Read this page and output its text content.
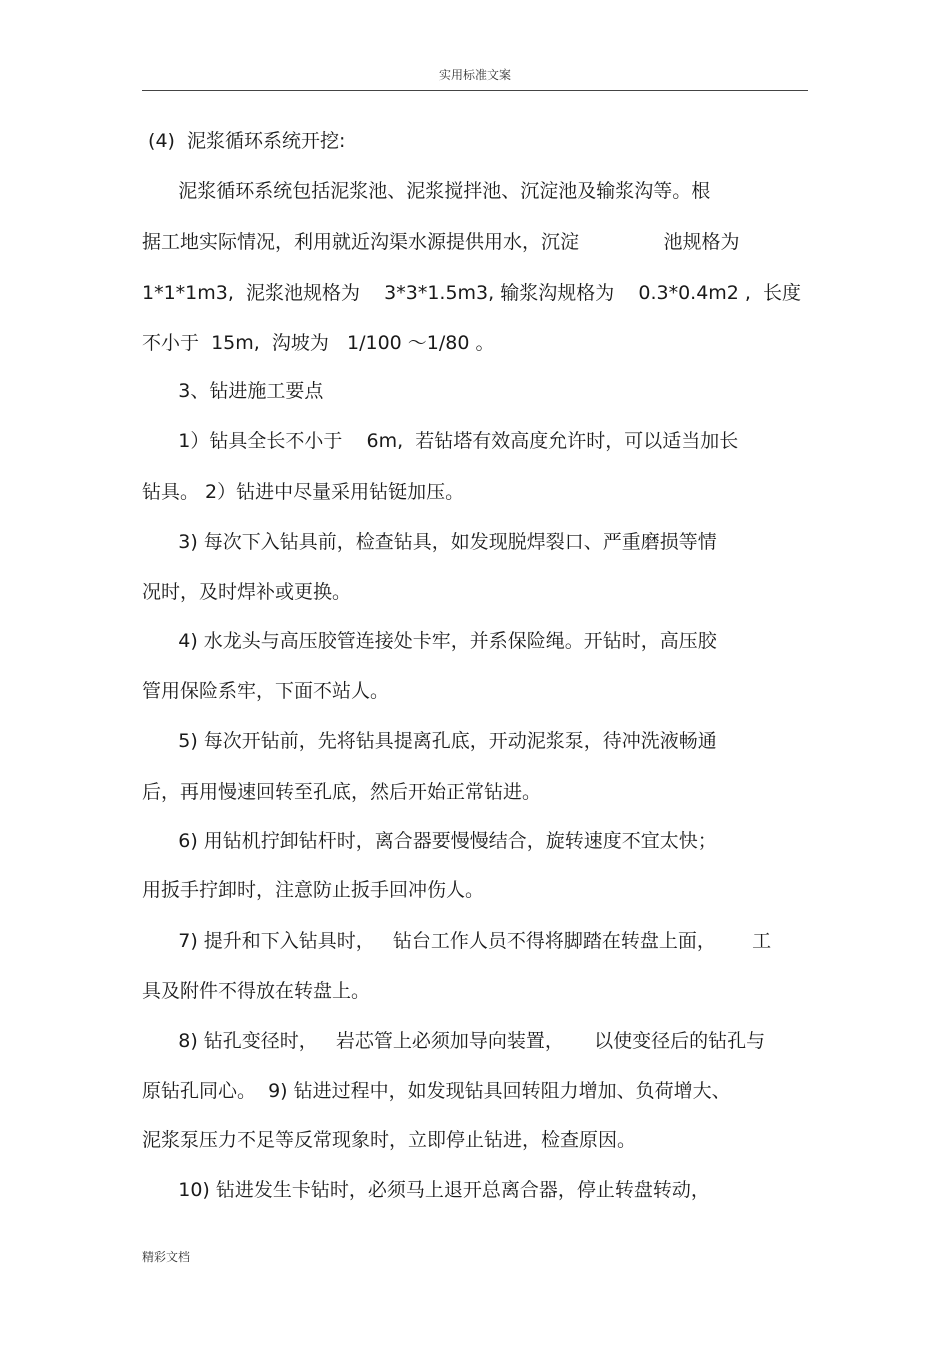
实用标准文案
(4)  泥浆循环系统开挖:
泥浆循环系统包括泥浆池、泥浆搅拌池、沉淀池及输浆沟等。根
据工地实际情况，利用就近沟渠水源提供用水，沉淀              池规格为
1*1*1m3,  泥浆池规格为    3*3*1.5m3, 输浆沟规格为    0.3*0.4m2 ,  长度
不小于  15m,  沟坡为   1/100 ～1/80 。
3、钻进施工要点
1）钻具全长不小于    6m,  若钻塔有效高度允许时，可以适当加长
钻具。 2）钻进中尽量采用钻铤加压。
3) 每次下入钻具前，检查钻具，如发现脱焊裂口、严重磨损等情
况时，及时焊补或更换。
4) 水龙头与高压胶管连接处卡牢，并系保险绳。开钻时，高压胶
管用保险系牢，下面不站人。
5) 每次开钻前，先将钻具提离孔底，开动泥浆泵，待冲洗液畅通
后，再用慢速回转至孔底，然后开始正常钻进。
6) 用钻机拧卸钻杆时，离合器要慢慢结合，旋转速度不宜太快；
用扳手拧卸时，注意防止扳手回冲伤人。
7) 提升和下入钻具时，   钻台工作人员不得将脚踏在转盘上面，      工
具及附件不得放在转盘上。
8) 钻孔变径时，   岩芯管上必须加导向装置，     以使变径后的钻孔与
原钻孔同心。  9) 钻进过程中，如发现钻具回转阻力增加、负荷增大、
泥浆泵压力不足等反常现象时，立即停止钻进，检查原因。
10) 钻进发生卡钻时，必须马上退开总离合器，停止转盘转动，
精彩文档
